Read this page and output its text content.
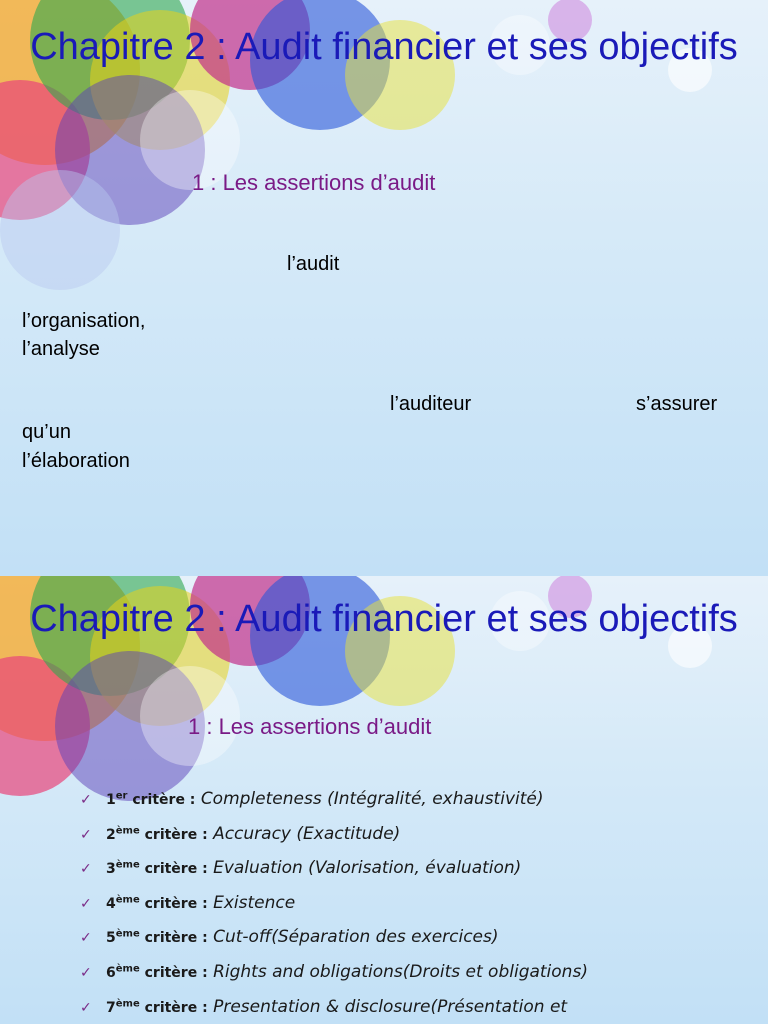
Chapitre 2 : Audit financier et ses objectifs
1 : Les assertions d’audit
l’audit
l’organisation,
l’analyse
l’auditeur	s’assurer
qu’un
l’élaboration
Chapitre 2 : Audit financier et ses objectifs
1 : Les assertions d’audit
✓ 1er critère : Completeness (Intégralité, exhaustivité)
✓ 2ème critère : Accuracy (Exactitude)
✓ 3ème critère : Evaluation (Valorisation, évaluation)
✓ 4ème critère : Existence
✓ 5ème critère : Cut-off(Séparation des exercices)
✓ 6ème critère : Rights and obligations(Droits et obligations)
✓ 7ème critère : Presentation & disclosure(Présentation et
